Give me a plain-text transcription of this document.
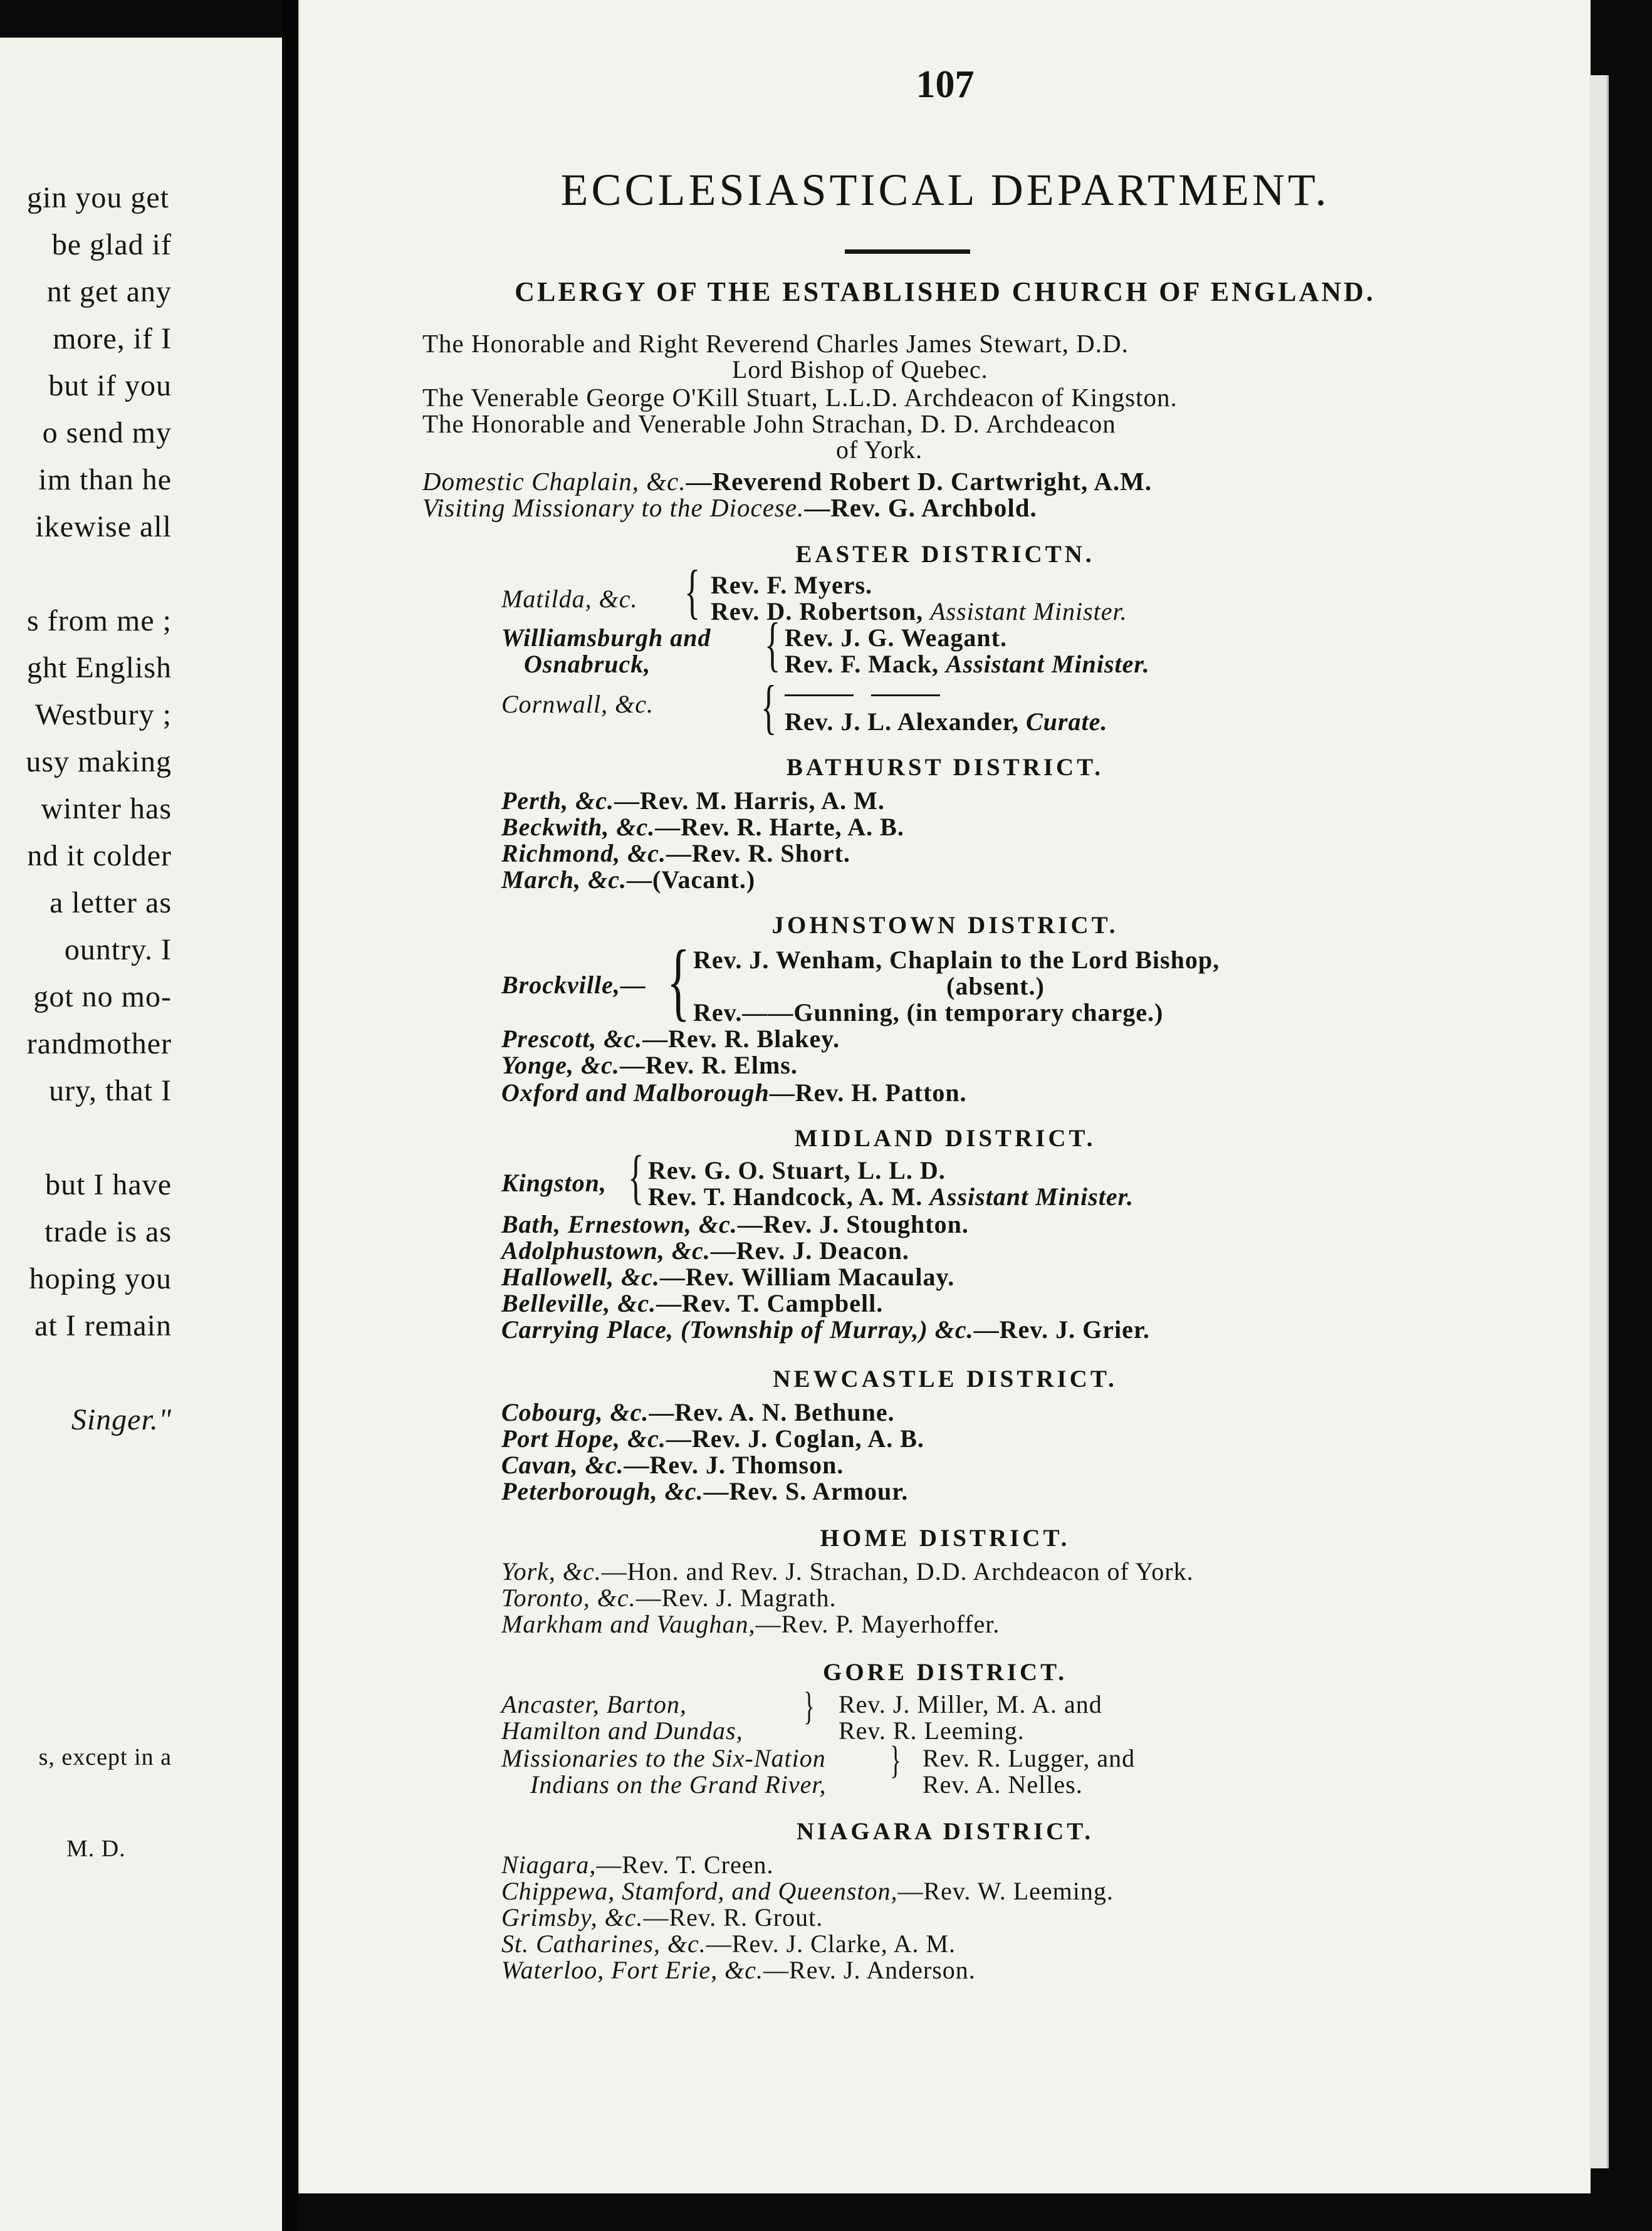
gin you get
be glad if
nt get any
more, if I
but if you
o send my
im than he
ikewise all
s from me ;
ght English
Westbury ;
usy making
winter has
nd it colder
a letter as
ountry. I
got no mo-
randmother
ury, that I
but I have
trade is as
hoping you
at I remain
Singer."
s, except in a
M. D.
107
ECCLESIASTICAL DEPARTMENT.
CLERGY OF THE ESTABLISHED CHURCH OF ENGLAND.
The Honorable and Right Reverend Charles James Stewart, D.D.
Lord Bishop of Quebec.
The Venerable George O'Kill Stuart, L.L.D. Archdeacon of Kingston.
The Honorable and Venerable John Strachan, D. D. Archdeacon
of York.
Domestic Chaplain, &c.—Reverend Robert D. Cartwright, A.M.
Visiting Missionary to the Diocese.—Rev. G. Archbold.
EASTER DISTRICTN.
Matilda, &c. { Rev. F. Myers.
Rev. D. Robertson, Assistant Minister.
Williamsburgh and
Osnabruck, { Rev. J. G. Weagant.
Rev. F. Mack, Assistant Minister.
Cornwall, &c. { Rev. J. L. Alexander, Curate.
BATHURST DISTRICT.
Perth, &c.—Rev. M. Harris, A. M.
Beckwith, &c.—Rev. R. Harte, A. B.
Richmond, &c.—Rev. R. Short.
March, &c.—(Vacant.)
JOHNSTOWN DISTRICT.
Brockville,— { Rev. J. Wenham, Chaplain to the Lord Bishop,
(absent.)
Rev.——Gunning, (in temporary charge.)
Prescott, &c.—Rev. R. Blakey.
Yonge, &c.—Rev. R. Elms.
Oxford and Malborough—Rev. H. Patton.
MIDLAND DISTRICT.
Kingston, { Rev. G. O. Stuart, L. L. D.
Rev. T. Handcock, A. M. Assistant Minister.
Bath, Ernestown, &c.—Rev. J. Stoughton.
Adolphustown, &c.—Rev. J. Deacon.
Hallowell, &c.—Rev. William Macaulay.
Belleville, &c.—Rev. T. Campbell.
Carrying Place, (Township of Murray,) &c.—Rev. J. Grier.
NEWCASTLE DISTRICT.
Cobourg, &c.—Rev. A. N. Bethune.
Port Hope, &c.—Rev. J. Coglan, A. B.
Cavan, &c.—Rev. J. Thomson.
Peterborough, &c.—Rev. S. Armour.
HOME DISTRICT.
York, &c.—Hon. and Rev. J. Strachan, D.D. Archdeacon of York.
Toronto, &c.—Rev. J. Magrath.
Markham and Vaughan,—Rev. P. Mayerhoffer.
GORE DISTRICT.
Ancaster, Barton,
Hamilton and Dundas,
} Rev. J. Miller, M. A. and
Rev. R. Leeming.
Missionaries to the Six-Nation
Indians on the Grand River,
} Rev. R. Lugger, and
Rev. A. Nelles.
NIAGARA DISTRICT.
Niagara,—Rev. T. Creen.
Chippewa, Stamford, and Queenston,—Rev. W. Leeming.
Grimsby, &c.—Rev. R. Grout.
St. Catharines, &c.—Rev. J. Clarke, A. M.
Waterloo, Fort Erie, &c.—Rev. J. Anderson.
